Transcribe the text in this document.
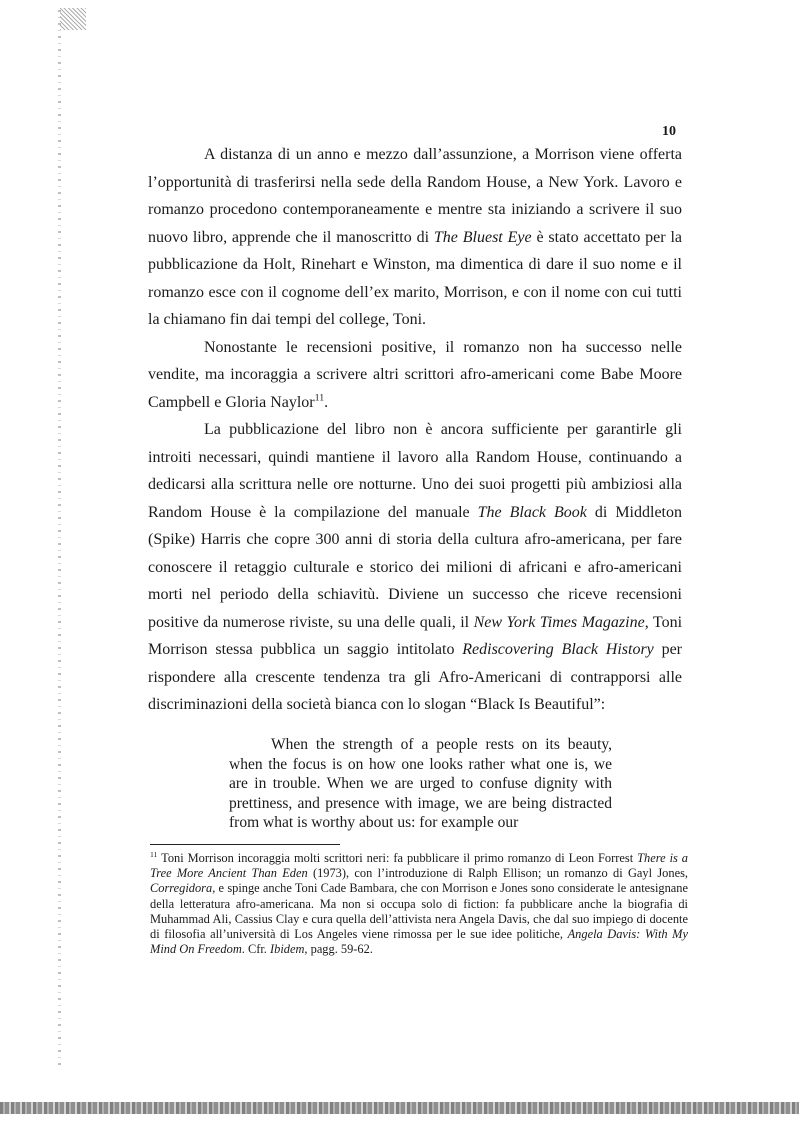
10

A distanza di un anno e mezzo dall’assunzione, a Morrison viene offerta l’opportunità di trasferirsi nella sede della Random House, a New York. Lavoro e romanzo procedono contemporaneamente e mentre sta iniziando a scrivere il suo nuovo libro, apprende che il manoscritto di The Bluest Eye è stato accettato per la pubblicazione da Holt, Rinehart e Winston, ma dimentica di dare il suo nome e il romanzo esce con il cognome dell’ex marito, Morrison, e con il nome con cui tutti la chiamano fin dai tempi del college, Toni.

Nonostante le recensioni positive, il romanzo non ha successo nelle vendite, ma incoraggia a scrivere altri scrittori afro-americani come Babe Moore Campbell e Gloria Naylor$^{11}$.

La pubblicazione del libro non è ancora sufficiente per garantirle gli introiti necessari, quindi mantiene il lavoro alla Random House, continuando a dedicarsi alla scrittura nelle ore notturne. Uno dei suoi progetti più ambiziosi alla Random House è la compilazione del manuale The Black Book di Middleton (Spike) Harris che copre 300 anni di storia della cultura afro-americana, per fare conoscere il retaggio culturale e storico dei milioni di africani e afro-americani morti nel periodo della schiavitù. Diviene un successo che riceve recensioni positive da numerose riviste, su una delle quali, il New York Times Magazine, Toni Morrison stessa pubblica un saggio intitolato Rediscovering Black History per rispondere alla crescente tendenza tra gli Afro-Americani di contrapporsi alle discriminazioni della società bianca con lo slogan “Black Is Beautiful”:

When the strength of a people rests on its beauty, when the focus is on how one looks rather what one is, we are in trouble. When we are urged to confuse dignity with prettiness, and presence with image, we are being distracted from what is worthy about us: for example our

$^{11}$ Toni Morrison incoraggia molti scrittori neri: fa pubblicare il primo romanzo di Leon Forrest There is a Tree More Ancient Than Eden (1973), con l’introduzione di Ralph Ellison; un romanzo di Gayl Jones, Corregidora, e spinge anche Toni Cade Bambara, che con Morrison e Jones sono considerate le antesignane della letteratura afro-americana. Ma non si occupa solo di fiction: fa pubblicare anche la biografia di Muhammad Ali, Cassius Clay e cura quella dell’attivista nera Angela Davis, che dal suo impiego di docente di filosofia all’università di Los Angeles viene rimossa per le sue idee politiche, Angela Davis: With My Mind On Freedom. Cfr. Ibidem, pagg. 59-62.
